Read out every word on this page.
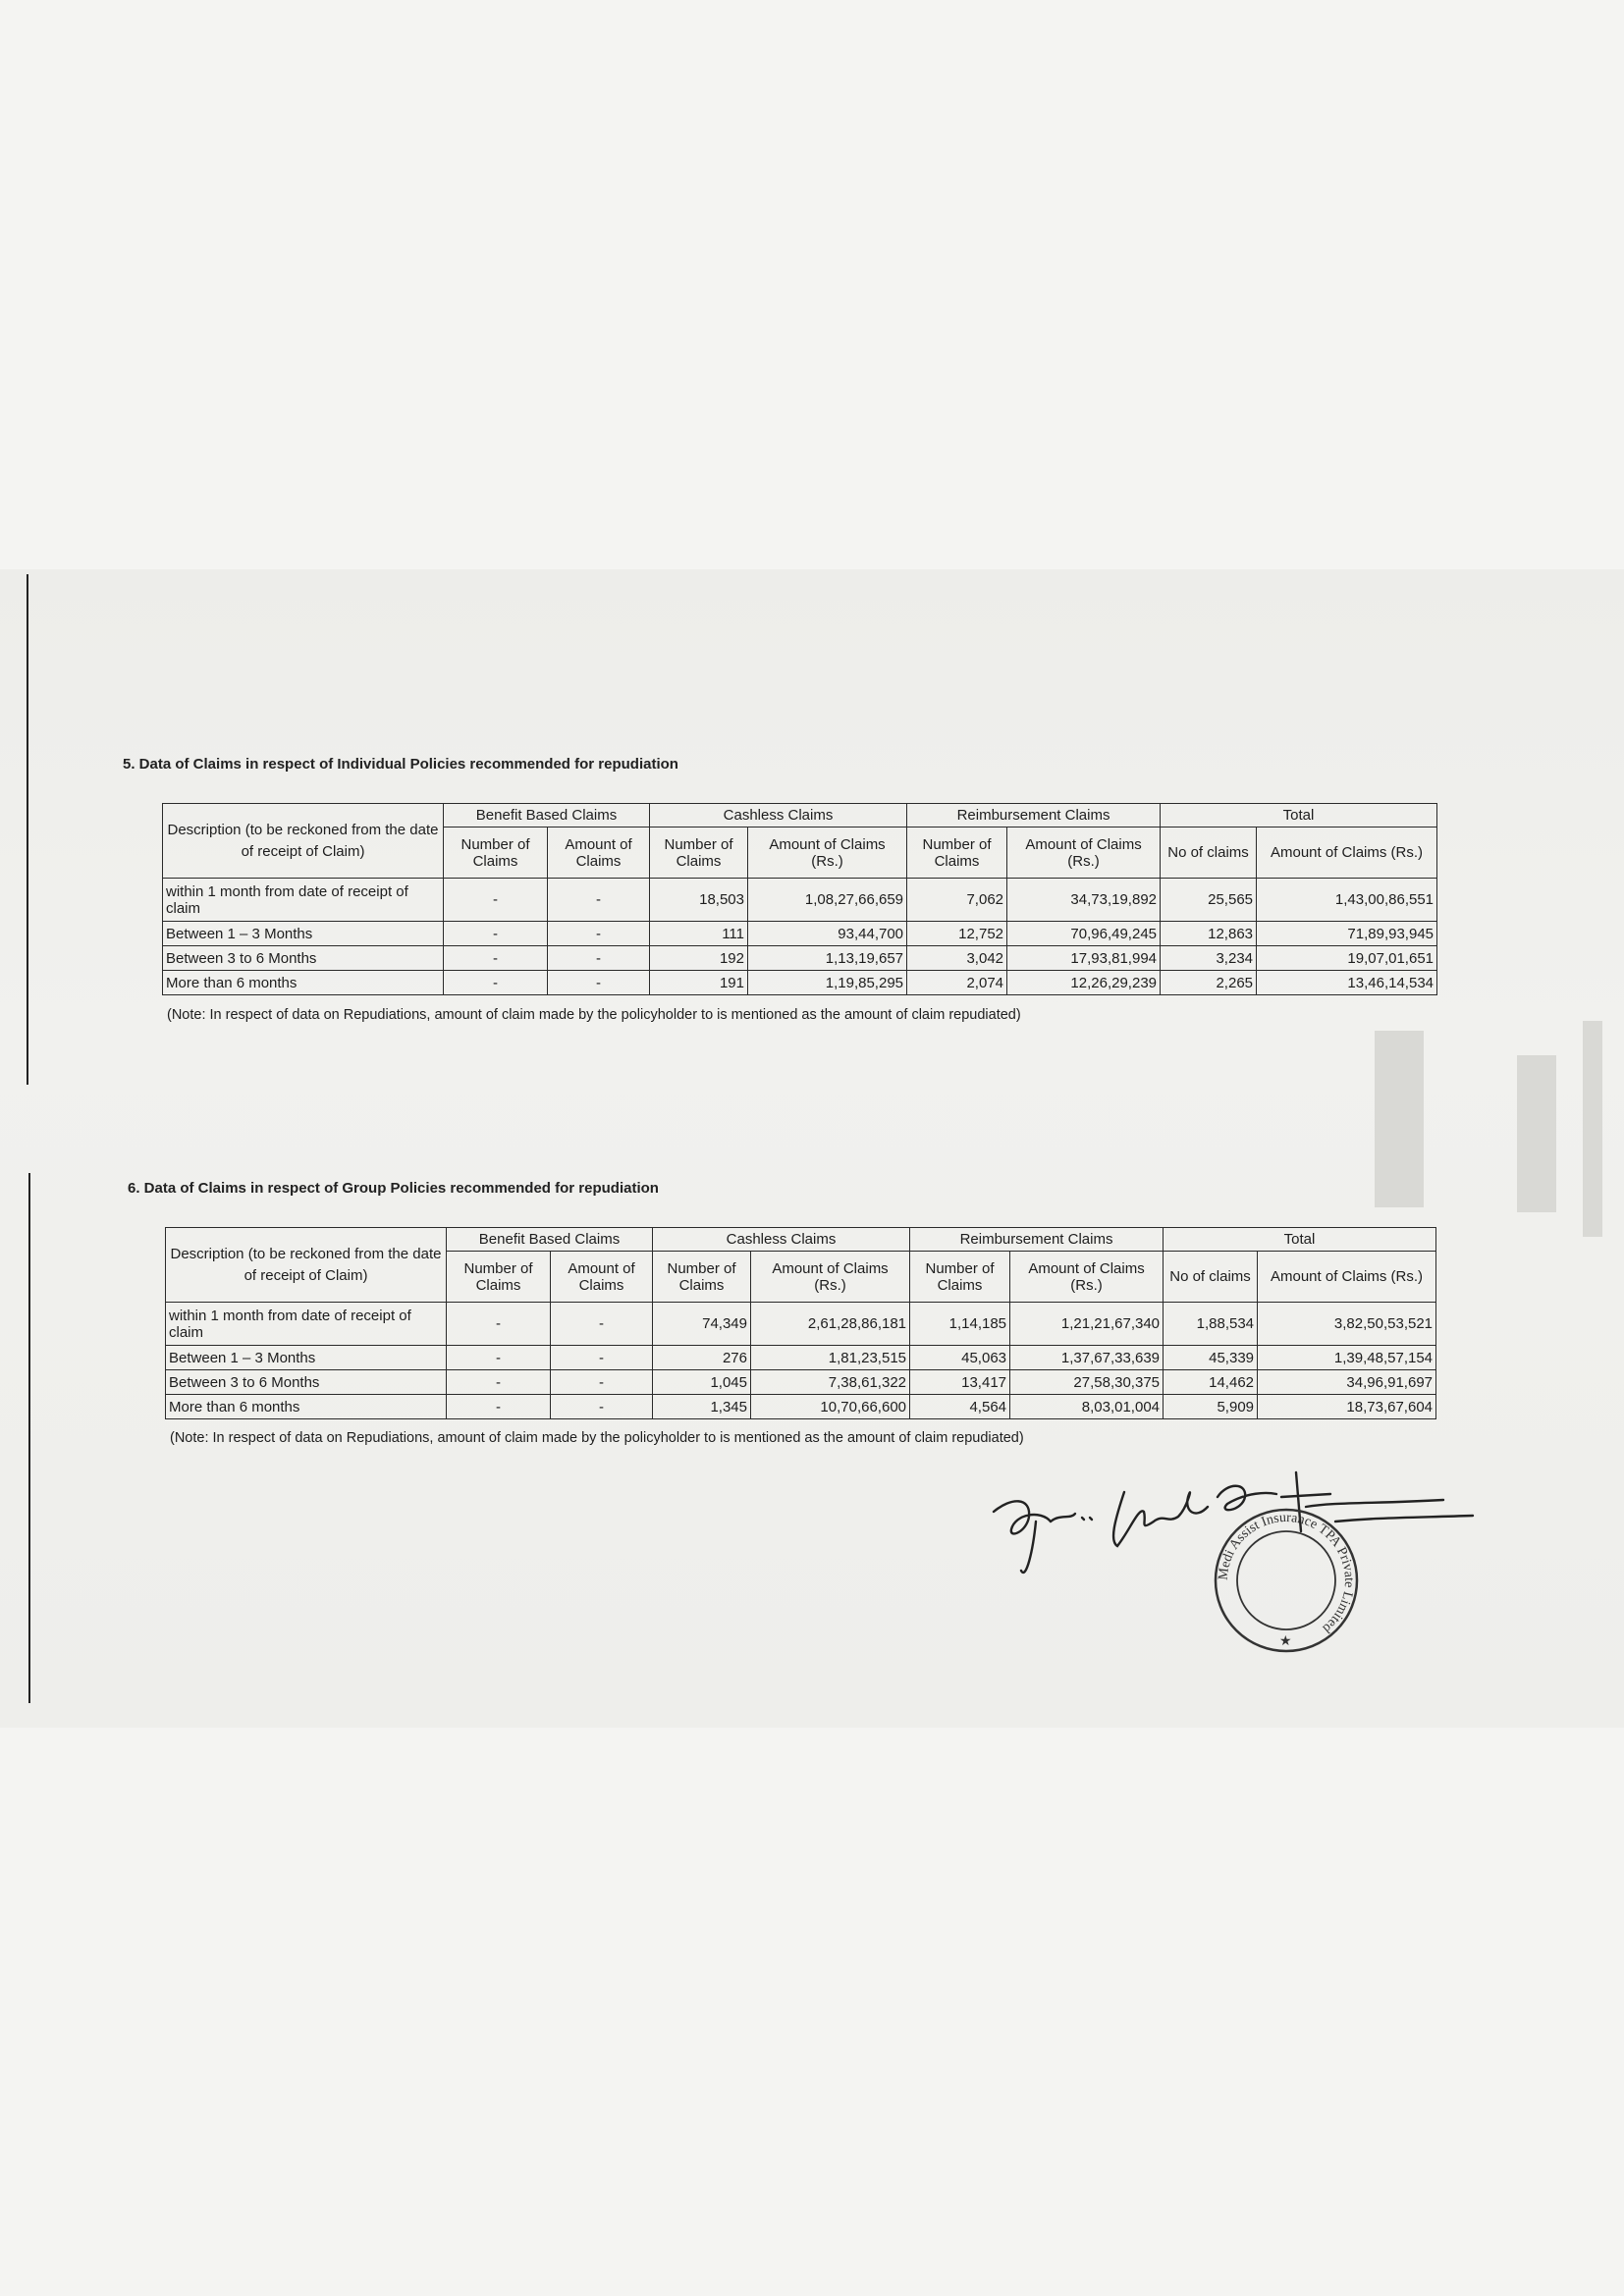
5. Data of Claims in respect of Individual Policies recommended for repudiation
Description (to be reckoned from the date of receipt of Claim)	Benefit Based Claims		Cashless Claims		Reimbursement Claims		Total	
	Number of Claims	Amount of Claims	Number of Claims	Amount of Claims (Rs.)	Number of Claims	Amount of Claims (Rs.)	No of claims	Amount of Claims (Rs.)
within 1 month from date of receipt of claim	-	-	18,503	1,08,27,66,659	7,062	34,73,19,892	25,565	1,43,00,86,551
Between 1 – 3 Months	-	-	111	93,44,700	12,752	70,96,49,245	12,863	71,89,93,945
Between 3 to 6 Months	-	-	192	1,13,19,657	3,042	17,93,81,994	3,234	19,07,01,651
More than 6 months	-	-	191	1,19,85,295	2,074	12,26,29,239	2,265	13,46,14,534
(Note: In respect of data on Repudiations, amount of claim made by the policyholder to is mentioned as the amount of claim repudiated)
6. Data of Claims in respect of Group Policies recommended for repudiation
Description (to be reckoned from the date of receipt of Claim)	Benefit Based Claims		Cashless Claims		Reimbursement Claims		Total	
	Number of Claims	Amount of Claims	Number of Claims	Amount of Claims (Rs.)	Number of Claims	Amount of Claims (Rs.)	No of claims	Amount of Claims (Rs.)
within 1 month from date of receipt of claim	-	-	74,349	2,61,28,86,181	1,14,185	1,21,21,67,340	1,88,534	3,82,50,53,521
Between 1 – 3 Months	-	-	276	1,81,23,515	45,063	1,37,67,33,639	45,339	1,39,48,57,154
Between 3 to 6 Months	-	-	1,045	7,38,61,322	13,417	27,58,30,375	14,462	34,96,91,697
More than 6 months	-	-	1,345	10,70,66,600	4,564	8,03,01,004	5,909	18,73,67,604
(Note: In respect of data on Repudiations, amount of claim made by the policyholder to is mentioned as the amount of claim repudiated)
Medi Assist Insurance TPA Private Limited
★
